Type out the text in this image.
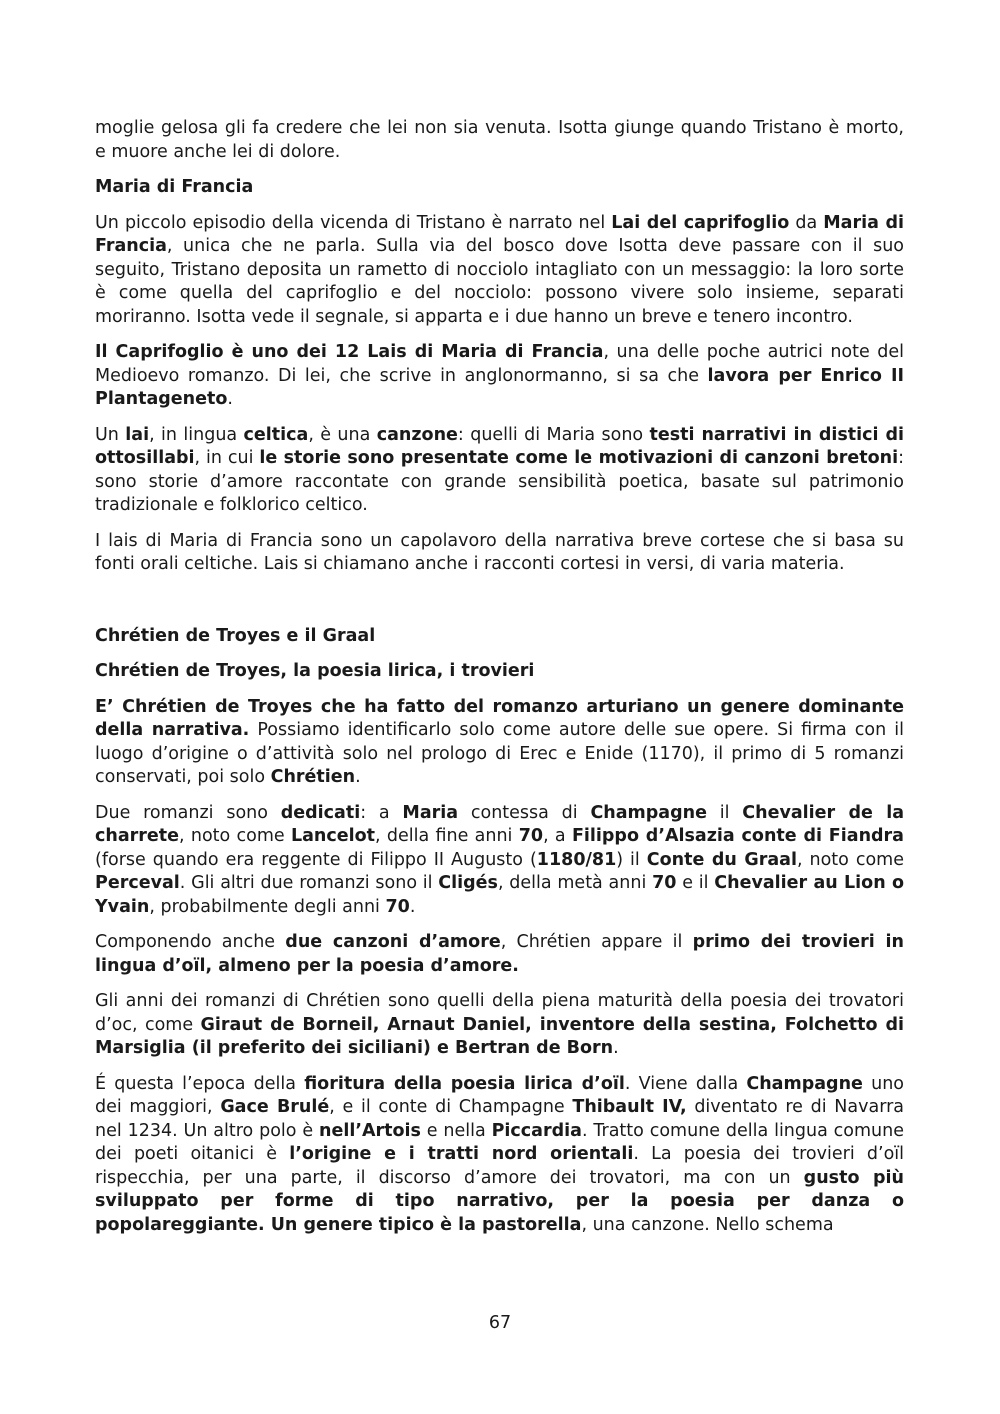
moglie gelosa gli fa credere che lei non sia venuta. Isotta giunge quando Tristano è morto, e muore anche lei di dolore.

Maria di Francia

Un piccolo episodio della vicenda di Tristano è narrato nel Lai del caprifoglio da Maria di Francia, unica che ne parla. Sulla via del bosco dove Isotta deve passare con il suo seguito, Tristano deposita un rametto di nocciolo intagliato con un messaggio: la loro sorte è come quella del caprifoglio e del nocciolo: possono vivere solo insieme, separati moriranno. Isotta vede il segnale, si apparta e i due hanno un breve e tenero incontro.

Il Caprifoglio è uno dei 12 Lais di Maria di Francia, una delle poche autrici note del Medioevo romanzo. Di lei, che scrive in anglonormanno, si sa che lavora per Enrico II Plantageneto.

Un lai, in lingua celtica, è una canzone: quelli di Maria sono testi narrativi in distici di ottosillabi, in cui le storie sono presentate come le motivazioni di canzoni bretoni: sono storie d’amore raccontate con grande sensibilità poetica, basate sul patrimonio tradizionale e folklorico celtico.

I lais di Maria di Francia sono un capolavoro della narrativa breve cortese che si basa su fonti orali celtiche. Lais si chiamano anche i racconti cortesi in versi, di varia materia.

Chrétien de Troyes e il Graal
Chrétien de Troyes, la poesia lirica, i trovieri

E’ Chrétien de Troyes che ha fatto del romanzo arturiano un genere dominante della narrativa. Possiamo identificarlo solo come autore delle sue opere. Si firma con il luogo d’origine o d’attività solo nel prologo di Erec e Enide (1170), il primo di 5 romanzi conservati, poi solo Chrétien.

Due romanzi sono dedicati: a Maria contessa di Champagne il Chevalier de la charrete, noto come Lancelot, della fine anni 70, a Filippo d’Alsazia conte di Fiandra (forse quando era reggente di Filippo II Augusto (1180/81) il Conte du Graal, noto come Perceval. Gli altri due romanzi sono il Cligés, della metà anni 70 e il Chevalier au Lion o Yvain, probabilmente degli anni 70.

Componendo anche due canzoni d’amore, Chrétien appare il primo dei trovieri in lingua d’oïl, almeno per la poesia d’amore.

Gli anni dei romanzi di Chrétien sono quelli della piena maturità della poesia dei trovatori d’oc, come Giraut de Borneil, Arnaut Daniel, inventore della sestina, Folchetto di Marsiglia (il preferito dei siciliani) e Bertran de Born.

É questa l’epoca della fioritura della poesia lirica d’oïl. Viene dalla Champagne uno dei maggiori, Gace Brulé, e il conte di Champagne Thibault IV, diventato re di Navarra nel 1234. Un altro polo è nell’Artois e nella Piccardia. Tratto comune della lingua comune dei poeti oitanici è l’origine e i tratti nord orientali. La poesia dei trovieri d’oïl rispecchia, per una parte, il discorso d’amore dei trovatori, ma con un gusto più sviluppato per forme di tipo narrativo, per la poesia per danza o popolareggiante. Un genere tipico è la pastorella, una canzone. Nello schema

67
